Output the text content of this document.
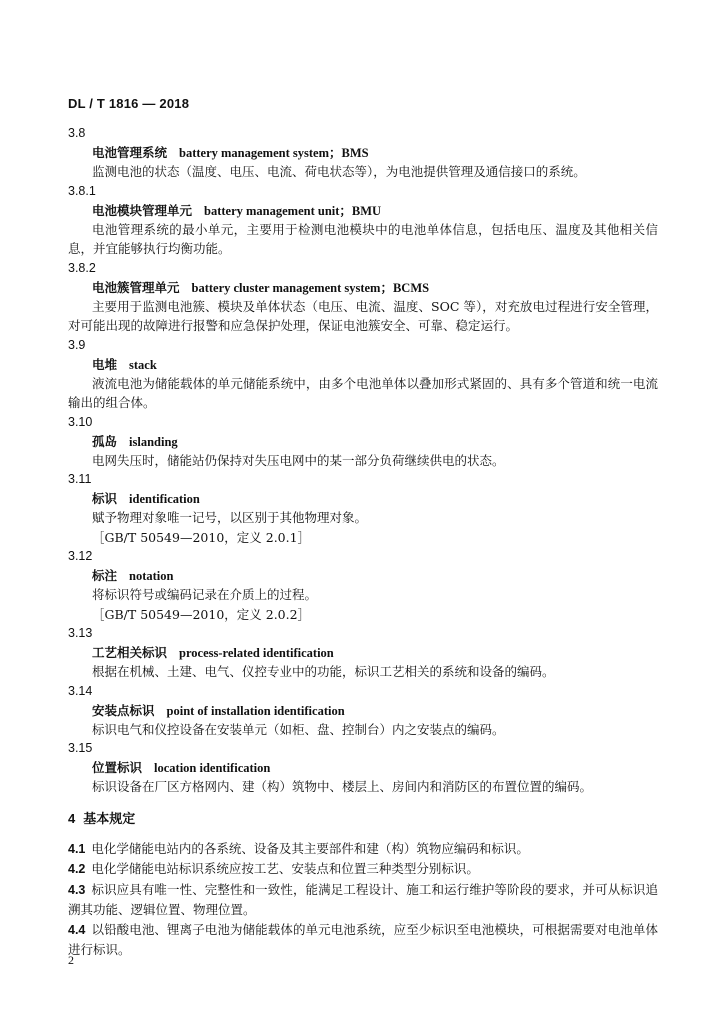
DL / T 1816 — 2018
3.8
电池管理系统 battery management system；BMS
监测电池的状态（温度、电压、电流、荷电状态等），为电池提供管理及通信接口的系统。
3.8.1
电池模块管理单元 battery management unit；BMU
电池管理系统的最小单元，主要用于检测电池模块中的电池单体信息，包括电压、温度及其他相关信息，并宜能够执行均衡功能。
3.8.2
电池簇管理单元 battery cluster management system；BCMS
主要用于监测电池簇、模块及单体状态（电压、电流、温度、SOC 等），对充放电过程进行安全管理，对可能出现的故障进行报警和应急保护处理，保证电池簇安全、可靠、稳定运行。
3.9
电堆 stack
液流电池为储能载体的单元储能系统中，由多个电池单体以叠加形式紧固的、具有多个管道和统一电流输出的组合体。
3.10
孤岛 islanding
电网失压时，储能站仍保持对失压电网中的某一部分负荷继续供电的状态。
3.11
标识 identification
赋予物理对象唯一记号，以区别于其他物理对象。
［GB/T 50549—2010，定义 2.0.1］
3.12
标注 notation
将标识符号或编码记录在介质上的过程。
［GB/T 50549—2010，定义 2.0.2］
3.13
工艺相关标识 process-related identification
根据在机械、土建、电气、仪控专业中的功能，标识工艺相关的系统和设备的编码。
3.14
安装点标识 point of installation identification
标识电气和仪控设备在安装单元（如柜、盘、控制台）内之安装点的编码。
3.15
位置标识 location identification
标识设备在厂区方格网内、建（构）筑物中、楼层上、房间内和消防区的布置位置的编码。
4 基本规定
4.1 电化学储能电站内的各系统、设备及其主要部件和建（构）筑物应编码和标识。
4.2 电化学储能电站标识系统应按工艺、安装点和位置三种类型分别标识。
4.3 标识应具有唯一性、完整性和一致性，能满足工程设计、施工和运行维护等阶段的要求，并可从标识追溯其功能、逻辑位置、物理位置。
4.4 以铅酸电池、锂离子电池为储能载体的单元电池系统，应至少标识至电池模块，可根据需要对电池单体进行标识。
2
